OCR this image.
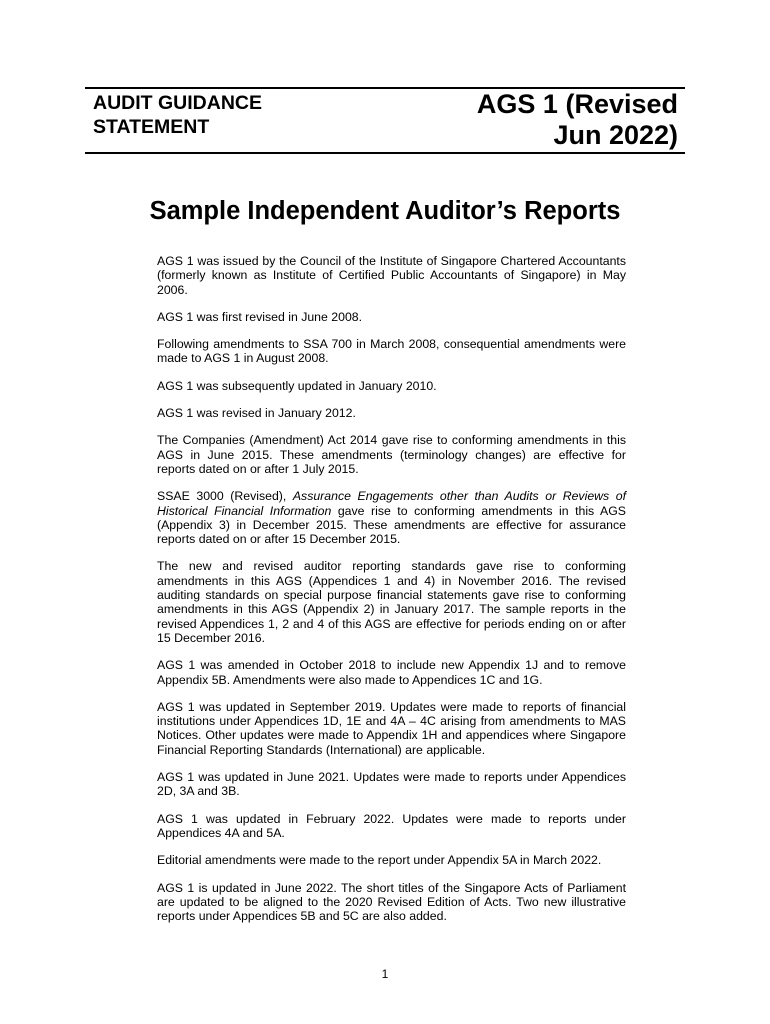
AUDIT GUIDANCE
STATEMENT
AGS 1 (Revised
Jun 2022)
Sample Independent Auditor’s Reports

AGS 1 was issued by the Council of the Institute of Singapore Chartered Accountants (formerly known as Institute of Certified Public Accountants of Singapore) in May 2006.

AGS 1 was first revised in June 2008.

Following amendments to SSA 700 in March 2008, consequential amendments were made to AGS 1 in August 2008.

AGS 1 was subsequently updated in January 2010.

AGS 1 was revised in January 2012.

The Companies (Amendment) Act 2014 gave rise to conforming amendments in this AGS in June 2015. These amendments (terminology changes) are effective for reports dated on or after 1 July 2015.

SSAE 3000 (Revised), Assurance Engagements other than Audits or Reviews of Historical Financial Information gave rise to conforming amendments in this AGS (Appendix 3) in December 2015. These amendments are effective for assurance reports dated on or after 15 December 2015.

The new and revised auditor reporting standards gave rise to conforming amendments in this AGS (Appendices 1 and 4) in November 2016. The revised auditing standards on special purpose financial statements gave rise to conforming amendments in this AGS (Appendix 2) in January 2017. The sample reports in the revised Appendices 1, 2 and 4 of this AGS are effective for periods ending on or after 15 December 2016.

AGS 1 was amended in October 2018 to include new Appendix 1J and to remove Appendix 5B. Amendments were also made to Appendices 1C and 1G.

AGS 1 was updated in September 2019. Updates were made to reports of financial institutions under Appendices 1D, 1E and 4A – 4C arising from amendments to MAS Notices. Other updates were made to Appendix 1H and appendices where Singapore Financial Reporting Standards (International) are applicable.

AGS 1 was updated in June 2021. Updates were made to reports under Appendices 2D, 3A and 3B.

AGS 1 was updated in February 2022. Updates were made to reports under Appendices 4A and 5A.

Editorial amendments were made to the report under Appendix 5A in March 2022.

AGS 1 is updated in June 2022. The short titles of the Singapore Acts of Parliament are updated to be aligned to the 2020 Revised Edition of Acts. Two new illustrative reports under Appendices 5B and 5C are also added.

1
